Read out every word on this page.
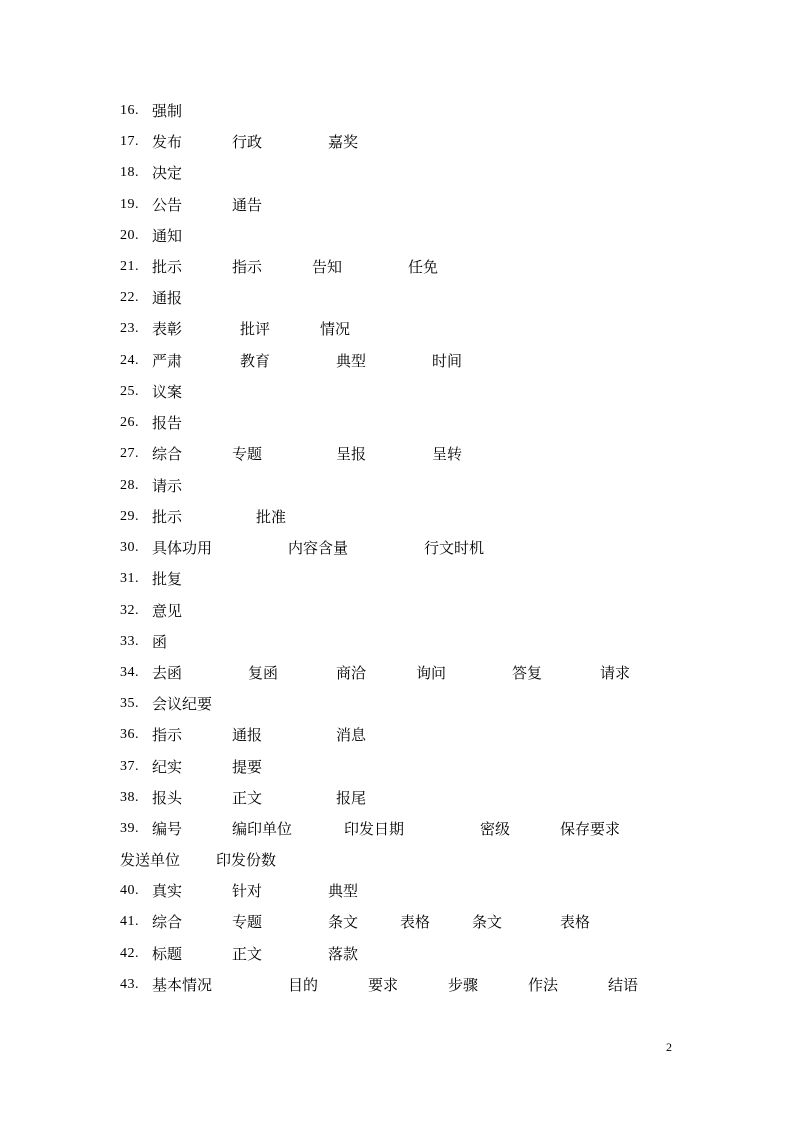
2
16. 强制
17. 发布	行政	嘉奖
18. 决定
19. 公告	通告
20. 通知
21. 批示	指示	告知	任免
22. 通报
23. 表彰	批评	情况
24. 严肃	教育	典型	时间
25. 议案
26. 报告
27. 综合	专题	呈报	呈转
28. 请示
29. 批示	批准
30. 具体功用	内容含量	行文时机
31. 批复
32. 意见
33. 函
34. 去函	复函	商洽	询问	答复	请求
35. 会议纪要
36. 指示	通报	消息
37. 纪实	提要
38. 报头	正文	报尾
39. 编号	编印单位	印发日期	密级	保存要求
发送单位 印发份数
40. 真实	针对	典型
41. 综合	专题	条文	表格	条文	表格
42. 标题	正文	落款
43. 基本情况	目的	要求	步骤	作法	结语
